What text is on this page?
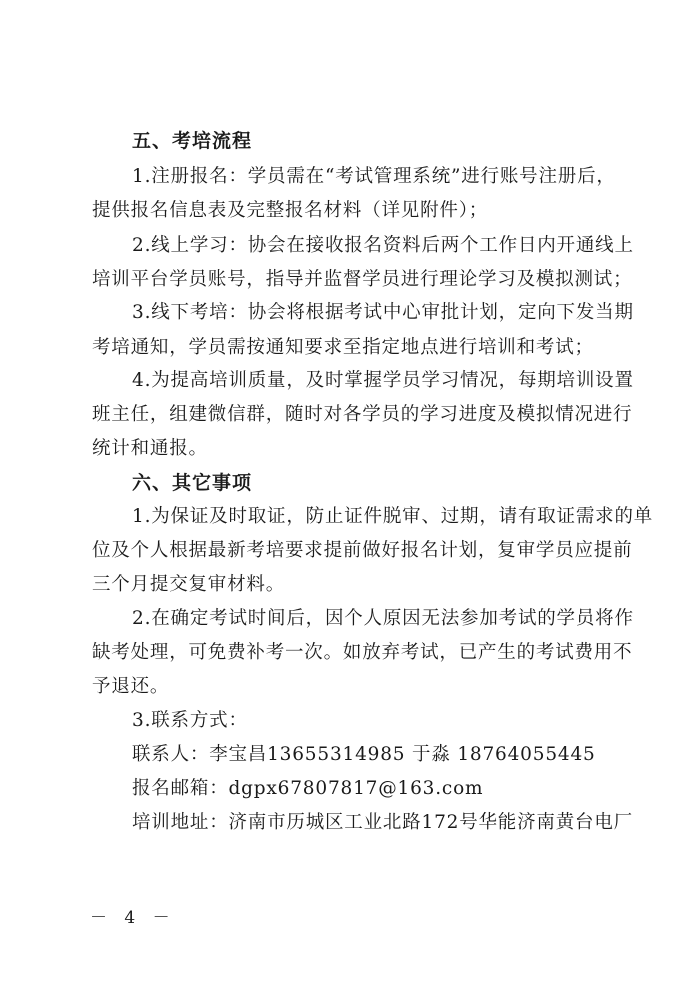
五、考培流程
1.注册报名：学员需在“考试管理系统”进行账号注册后，
提供报名信息表及完整报名材料（详见附件）；
2.线上学习：协会在接收报名资料后两个工作日内开通线上
培训平台学员账号，指导并监督学员进行理论学习及模拟测试；
3.线下考培：协会将根据考试中心审批计划，定向下发当期
考培通知，学员需按通知要求至指定地点进行培训和考试；
4.为提高培训质量，及时掌握学员学习情况，每期培训设置
班主任，组建微信群，随时对各学员的学习进度及模拟情况进行
统计和通报。
六、其它事项
1.为保证及时取证，防止证件脱审、过期，请有取证需求的单
位及个人根据最新考培要求提前做好报名计划，复审学员应提前
三个月提交复审材料。
2.在确定考试时间后，因个人原因无法参加考试的学员将作
缺考处理，可免费补考一次。如放弃考试，已产生的考试费用不
予退还。
3.联系方式：
联系人：李宝昌13655314985 于淼 18764055445
报名邮箱：dgpx67807817@163.com
培训地址：济南市历城区工业北路172号华能济南黄台电厂
－ 4 －
